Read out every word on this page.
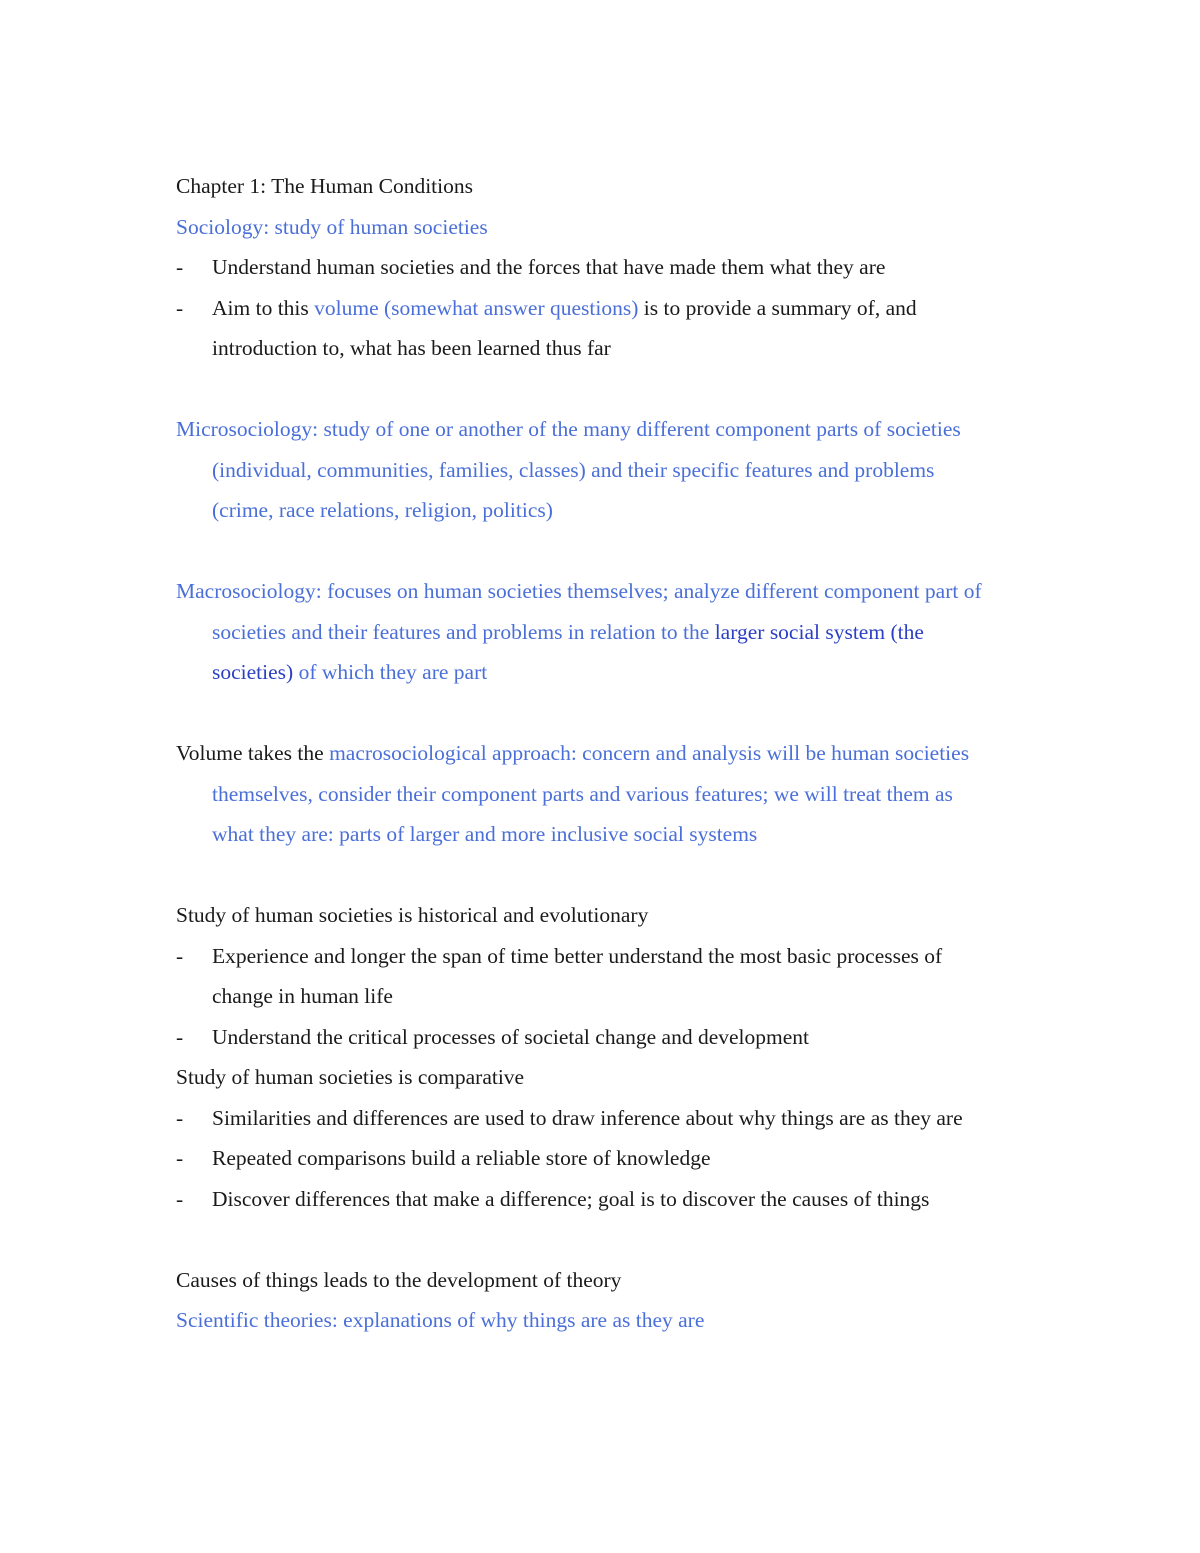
Chapter 1: The Human Conditions
Sociology: study of human societies
-	Understand human societies and the forces that have made them what they are
-	Aim to this volume (somewhat answer questions) is to provide a summary of, and
introduction to, what has been learned thus far
Microsociology: study of one or another of the many different component parts of societies
(individual, communities, families, classes) and their specific features and problems
(crime, race relations, religion, politics)
Macrosociology: focuses on human societies themselves; analyze different component part of
societies and their features and problems in relation to the larger social system (the
societies) of which they are part
Volume takes the macrosociological approach: concern and analysis will be human societies
themselves, consider their component parts and various features; we will treat them as
what they are: parts of larger and more inclusive social systems
Study of human societies is historical and evolutionary
-	Experience and longer the span of time better understand the most basic processes of
change in human life
-	Understand the critical processes of societal change and development
Study of human societies is comparative
-	Similarities and differences are used to draw inference about why things are as they are
-	Repeated comparisons build a reliable store of knowledge
-	Discover differences that make a difference; goal is to discover the causes of things
Causes of things leads to the development of theory
Scientific theories: explanations of why things are as they are
